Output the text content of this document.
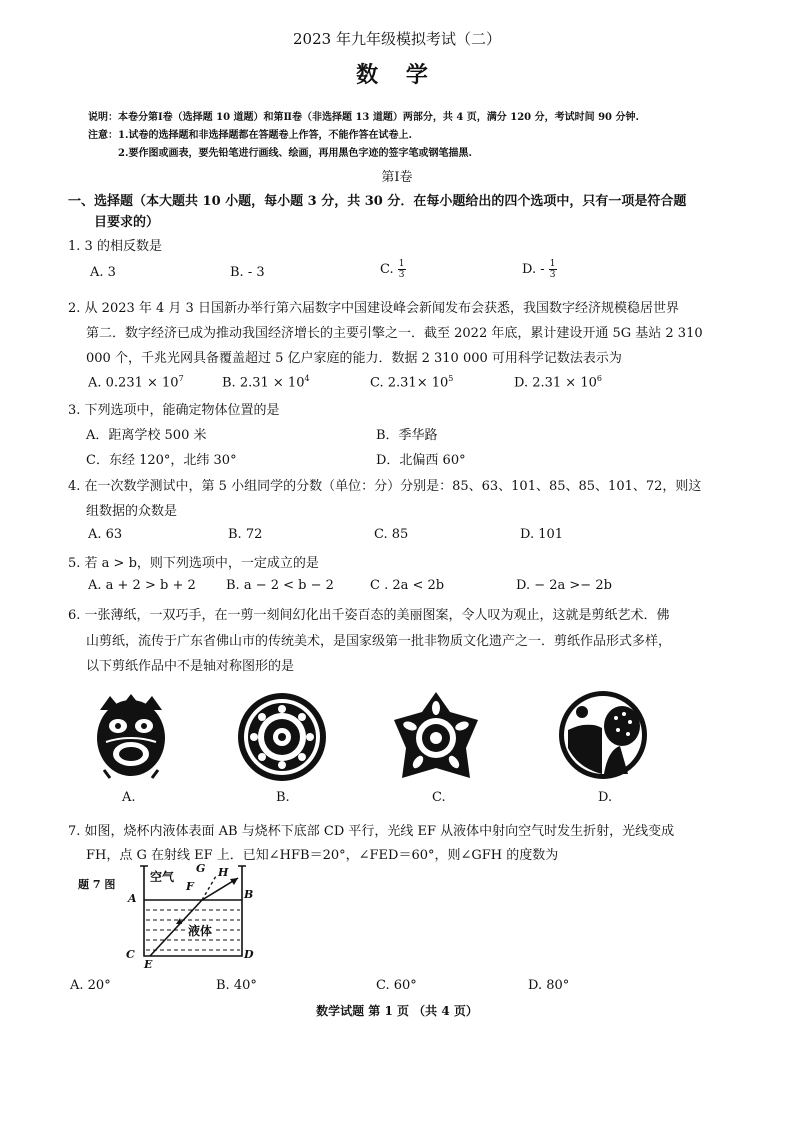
2023 年九年级模拟考试（二）
数 学
说明：本卷分第Ⅰ卷（选择题 10 道题）和第Ⅱ卷（非选择题 13 道题）两部分，共 4 页，满分 120 分，考试时间 90 分钟.
注意：1.试卷的选择题和非选择题都在答题卷上作答，不能作答在试卷上.
2.要作图或画表，要先铅笔进行画线、绘画，再用黑色字迹的签字笔或钢笔描黑.
第Ⅰ卷
一、选择题（本大题共 10 小题，每小题 3 分，共 30 分．在每小题给出的四个选项中，只有一项是符合题
目要求的）
1. 3 的相反数是
A. 3	B. - 3	C. $\frac{1}{3}$	D. - $\frac{1}{3}$
2. 从 2023 年 4 月 3 日国新办举行第六届数字中国建设峰会新闻发布会获悉，我国数字经济规模稳居世界
第二．数字经济已成为推动我国经济增长的主要引擎之一．截至 2022 年底，累计建设开通 5G 基站 2 310
000 个，千兆光网具备覆盖超过 5 亿户家庭的能力．数据 2 310 000 可用科学记数法表示为
A. $0.231 \times 10^7$	B. $2.31 \times 10^4$	C. $2.31\times 10^5$	D. $2.31 \times 10^6$
3. 下列选项中，能确定物体位置的是
A．距离学校 500 米	B．季华路
C．东经 120°，北纬 30°	D．北偏西 60°
4. 在一次数学测试中，第 5 小组同学的分数（单位：分）分别是：85、63、101、85、85、101、72，则这
组数据的众数是
A. 63	B. 72	C. 85	D. 101
5. 若 a > b，则下列选项中，一定成立的是
A. a + 2 > b + 2 B. a − 2 < b − 2	C . 2a < 2b	D. − 2a >− 2b
6. 一张薄纸，一双巧手，在一剪一刻间幻化出千姿百态的美丽图案，令人叹为观止，这就是剪纸艺术．佛
山剪纸，流传于广东省佛山市的传统美术，是国家级第一批非物质文化遗产之一．剪纸作品形式多样，
以下剪纸作品中不是轴对称图形的是
A.	B.	C.	D.
7. 如图，烧杯内液体表面 AB 与烧杯下底部 CD 平行，光线 EF 从液体中射向空气时发生折射，光线变成
FH，点 G 在射线 EF 上．已知∠HFB＝20°，∠FED＝60°，则∠GFH 的度数为
题 7 图
空气
液体
A	B
C	D
E
F
G H
A. 20°	B. 40°	C. 60°	D. 80°
数学试题 第 1 页 （共 4 页）
